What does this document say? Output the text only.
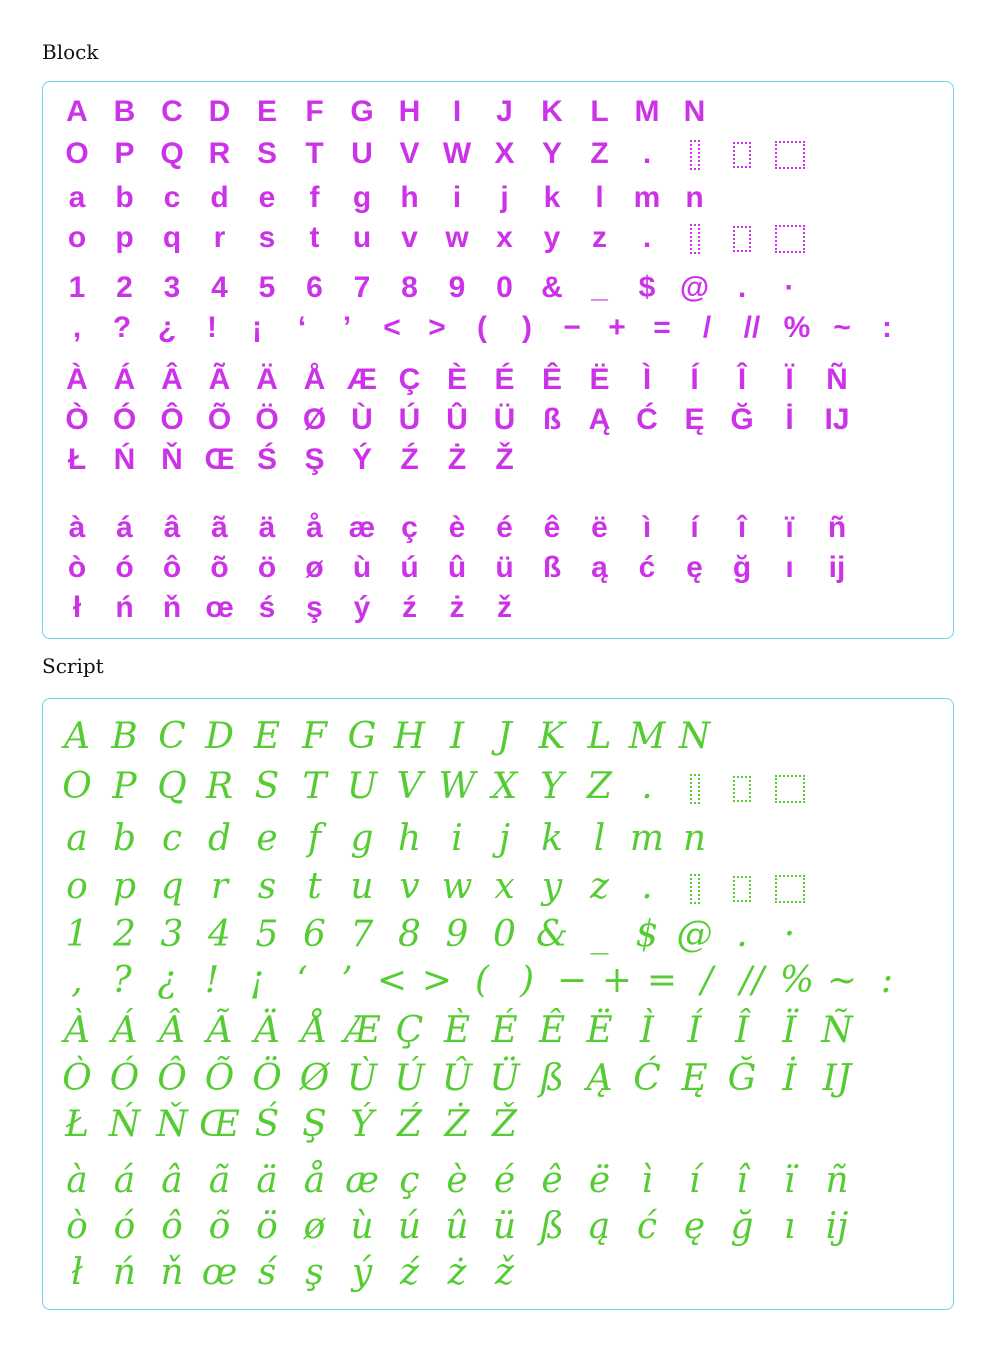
Block
A B C D E F G H	I	J K L M N
O P Q R S T U V W X Y Z	.
a b	c d	e	f	g h	i	j	k	l m n
o p q	r	s	t	u	v w x	y	z	.
1	2	3	4	5	6	7	8	9	0 & _	$ @ .	·
,	? ¿	!	¡	‘	’	< >	(	)	− + =	/	// % ~	:
À Á Â Ã Ä Å Æ Ç È É Ê Ë	Ì	Í	Î	Ï	Ñ
Ò Ó Ô Õ Ö Ø Ù Ú Û Ü ß Ą Ć Ę Ğ	İ	IJ
Ł Ń Ň Œ Ś Ş Ý Ź Ż Ž
à	á	â	ã	ä	å æ ç	è	é	ê	ë	ì	í	î	ï	ñ
ò ó ô õ ö ø ù ú û ü ß	ą	ć	ę ğ	ı	ij
ł	ń ň œ ś	ş	ý	ź	ż	ž
Script
A B C D E F G H I J K L M N
O P Q R S T U V W X Y Z .
a b c d e f g h i	j k l m n
o p q r s t u v w x y z .
1 2 3 4 5 6 7 8 9 0 & _ $ @ .	·
, ? ¿ ! ¡ ‘ ’ < > ( ) − + = / // % ~ :
À Á Â Ã Ä Å Æ Ç È É Ê Ë Ì Í Î Ï Ñ
Ò Ó Ô Õ Ö Ø Ù Ú Û Ü ß Ą Ć Ę Ğ İ IJ
Ł Ń Ň Œ Ś Ş Ý Ź Ż Ž
à á â ã ä å æ ç è é ê ë ì í î ï ñ
ò ó ô õ ö ø ù ú û ü ß ą ć ę ğ ı ij
ł ń ň œ ś ş ý ź ż ž
